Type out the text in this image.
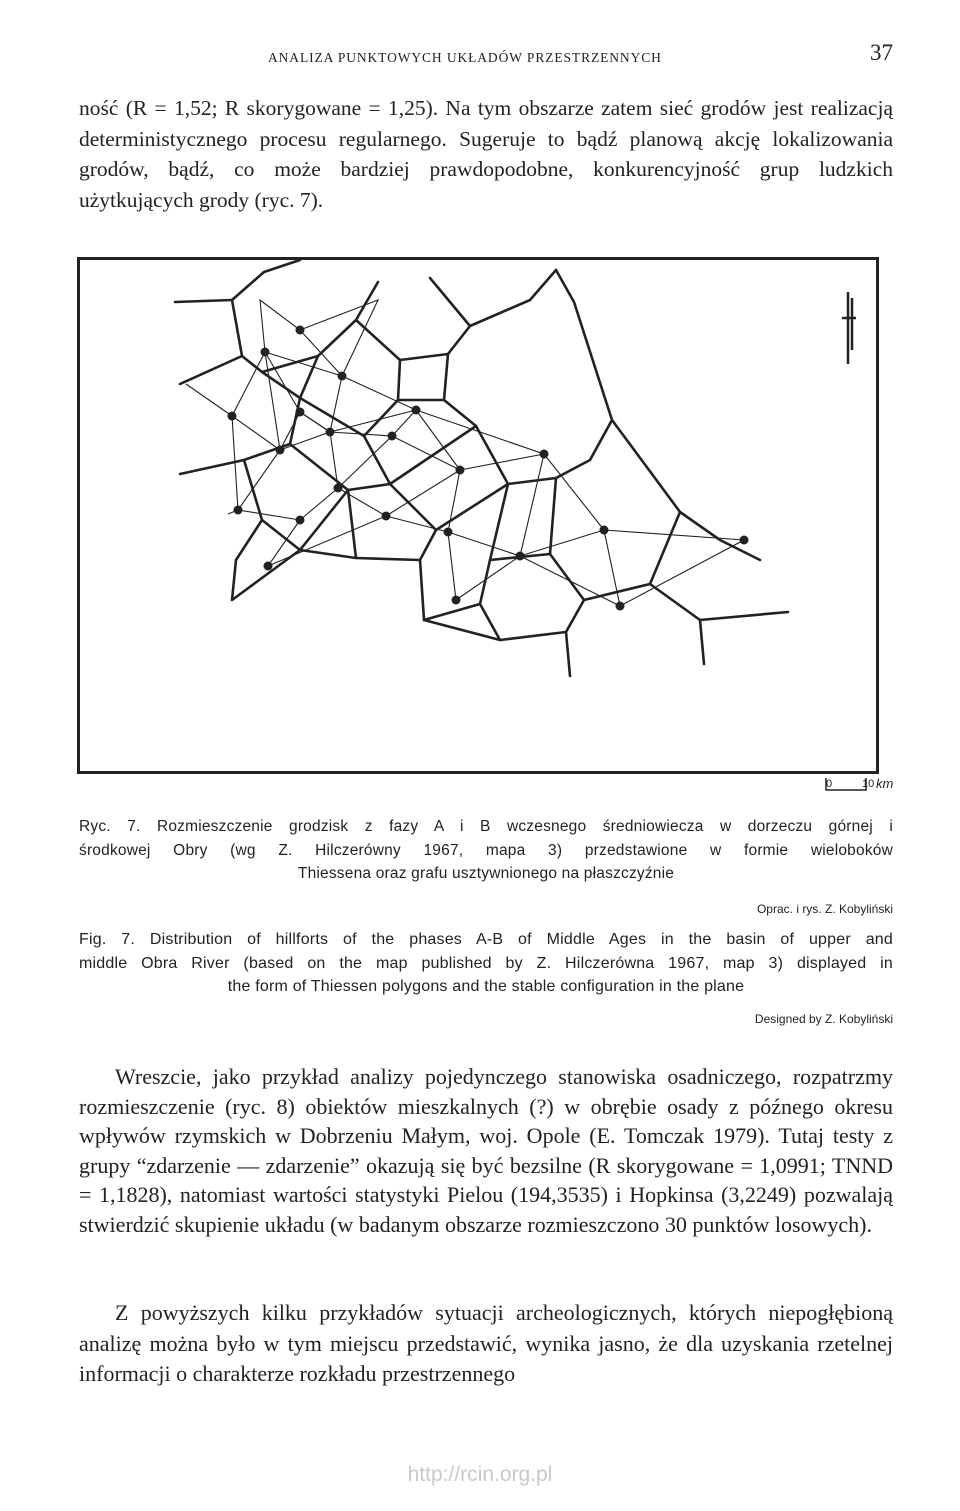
ANALIZA PUNKTOWYCH UKŁADÓW PRZESTRZENNYCH	37

ność (R = 1,52; R skorygowane = 1,25). Na tym obszarze zatem sieć grodów jest realizacją deterministycznego procesu regularnego. Sugeruje to bądź planową akcję lokalizowania grodów, bądź, co może bardziej prawdopodobne, konkurencyjność grup ludzkich użytkujących grody (ryc. 7).

0	10 km
Ryc. 7. Rozmieszczenie grodzisk z fazy A i B wczesnego średniowiecza w dorzeczu górnej i
środkowej Obry (wg Z. Hilczerówny 1967, mapa 3) przedstawione w formie wieloboków
Thiessena oraz grafu usztywnionego na płaszczyźnie
Oprac. i rys. Z. Kobyliński
Fig. 7. Distribution of hillforts of the phases A-B of Middle Ages in the basin of upper and
middle Obra River (based on the map published by Z. Hilczerówna 1967, map 3) displayed in
the form of Thiessen polygons and the stable configuration in the plane
Designed by Z. Kobyliński

Wreszcie, jako przykład analizy pojedynczego stanowiska osadniczego, rozpatrzmy rozmieszczenie (ryc. 8) obiektów mieszkalnych (?) w obrębie osady z późnego okresu wpływów rzymskich w Dobrzeniu Małym, woj. Opole (E. Tomczak 1979). Tutaj testy z grupy “zdarzenie — zdarzenie” okazują się być bezsilne (R skorygowane = 1,0991; TNND = 1,1828), natomiast wartości statystyki Pielou (194,3535) i Hopkinsa (3,2249) pozwalają stwierdzić skupienie układu (w badanym obszarze rozmieszczono 30 punktów losowych).

Z powyższych kilku przykładów sytuacji archeologicznych, których niepogłębioną analizę można było w tym miejscu przedstawić, wynika jasno, że dla uzyskania rzetelnej informacji o charakterze rozkładu przestrzennego

http://rcin.org.pl
